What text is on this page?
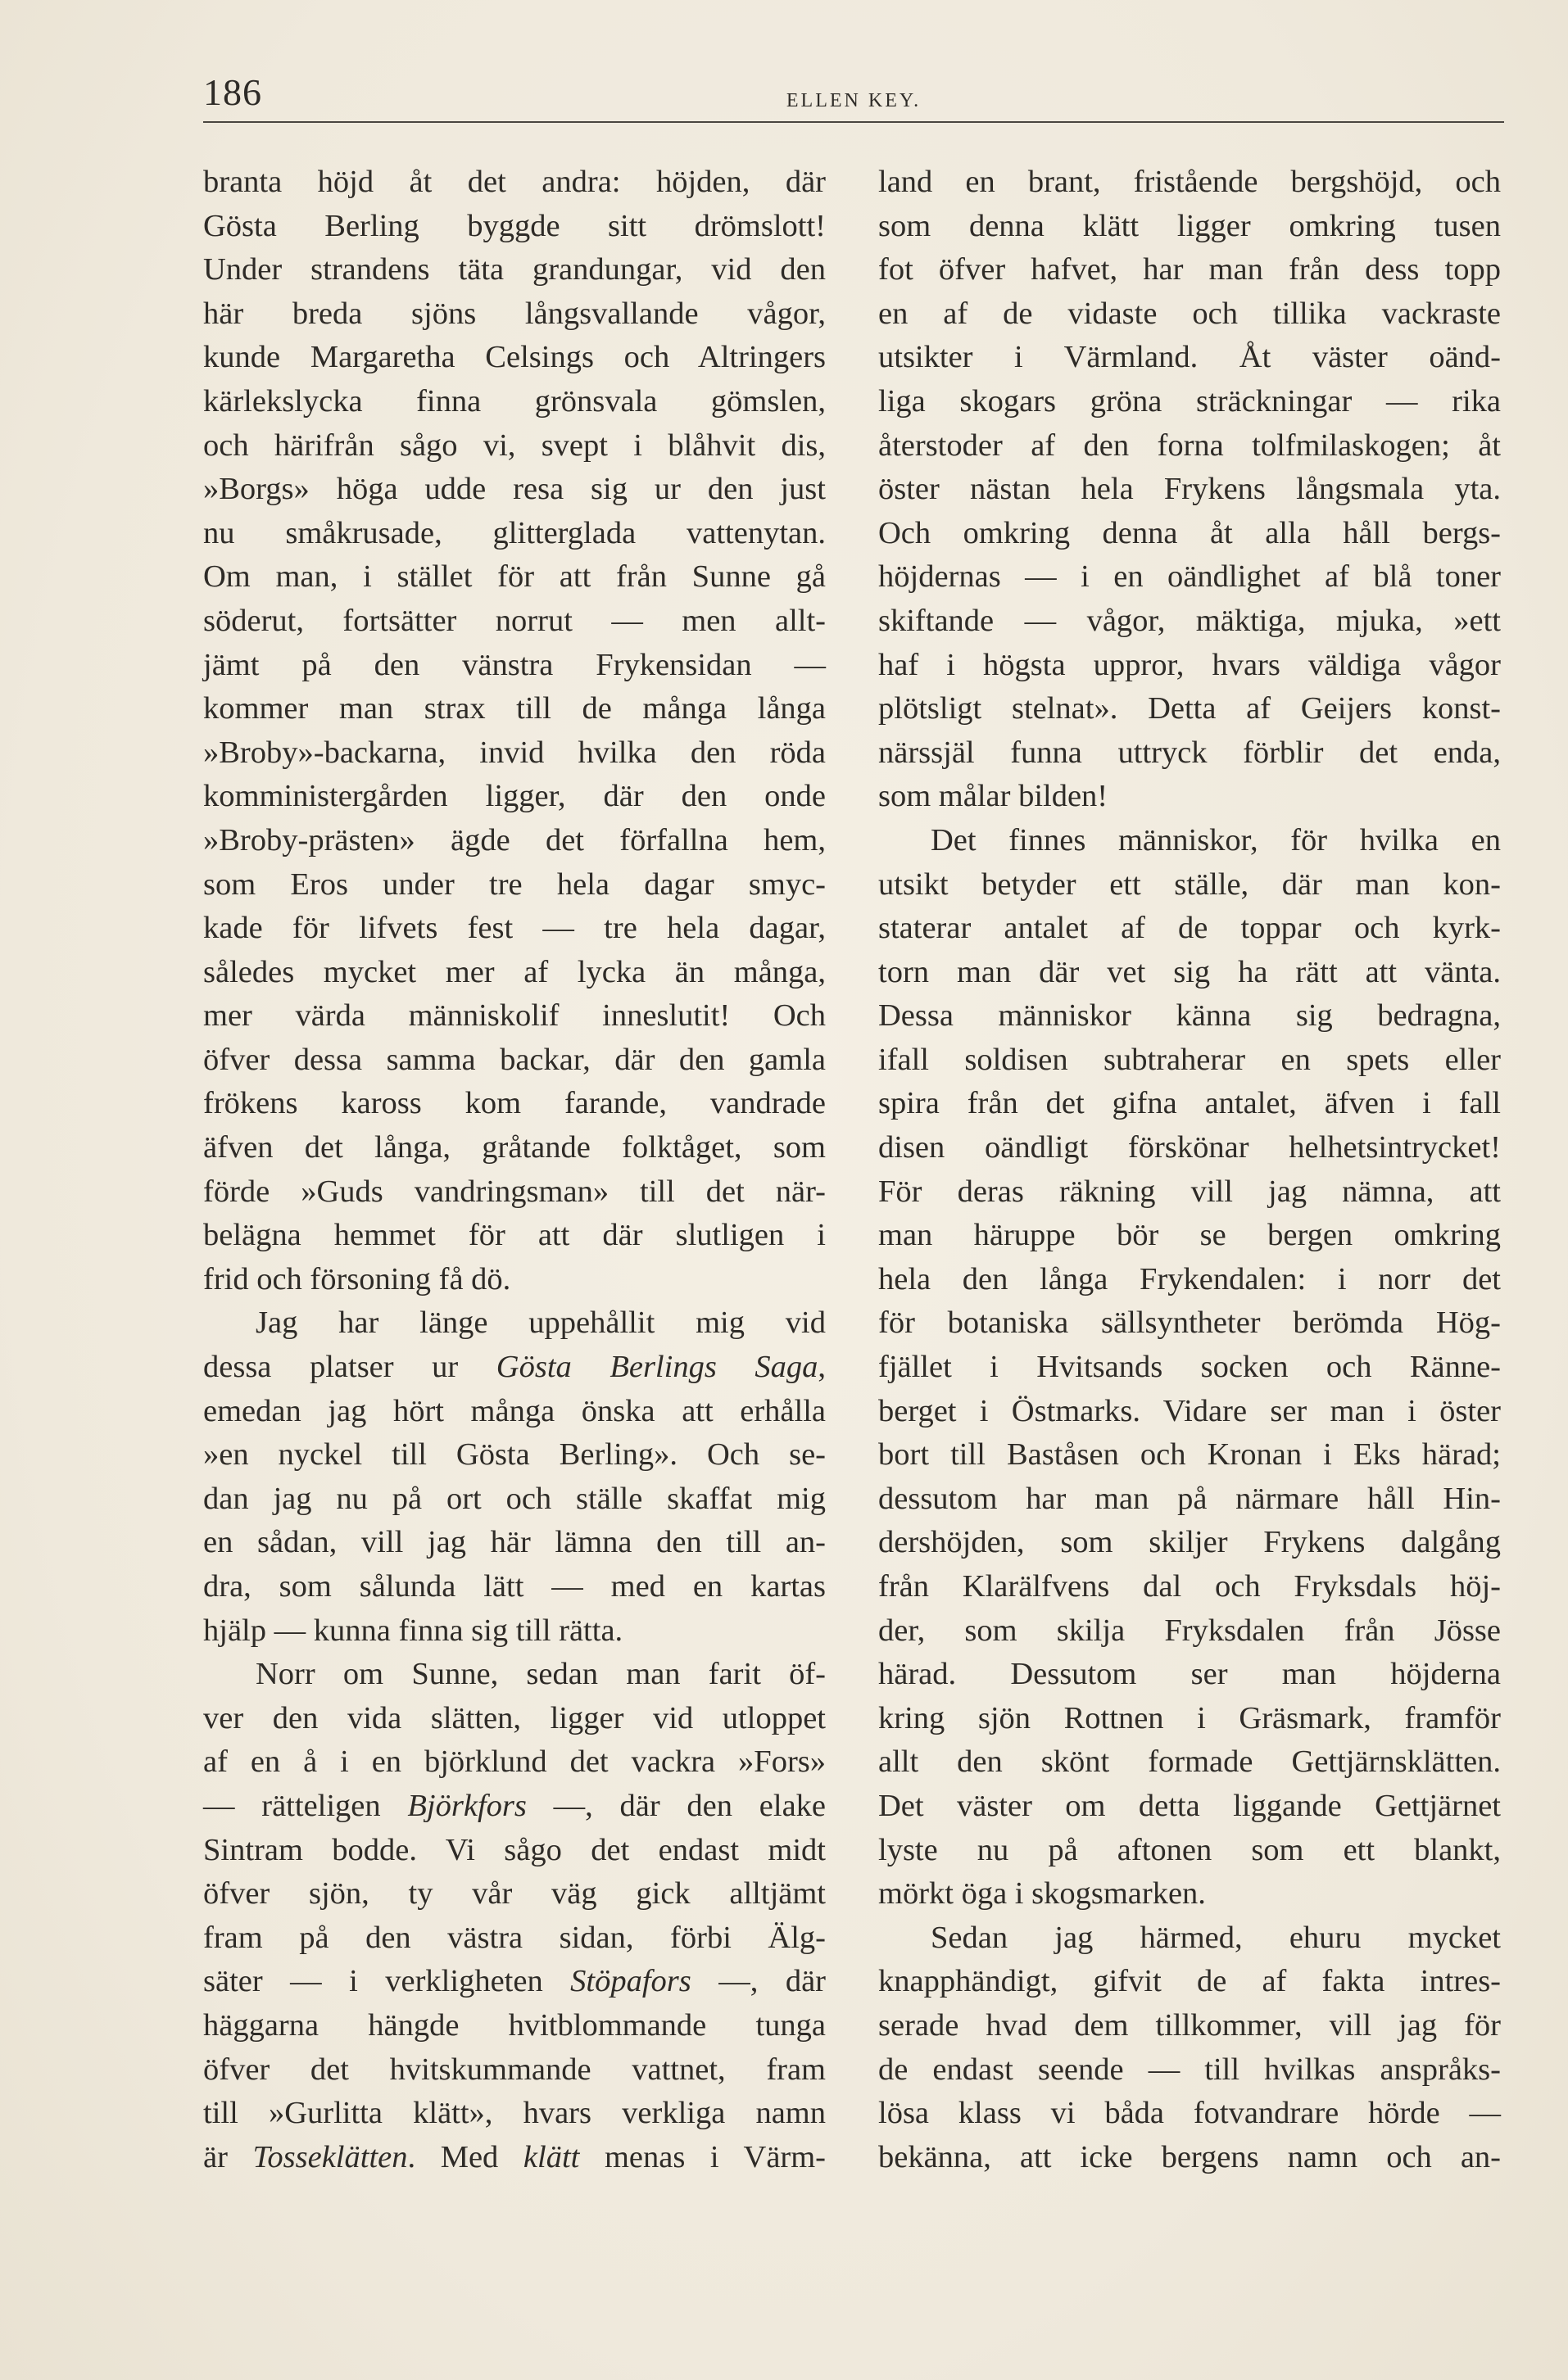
186	ELLEN KEY.
branta höjd åt det andra: höjden, där
Gösta Berling byggde sitt drömslott!
Under strandens täta grandungar, vid den
här breda sjöns långsvallande vågor,
kunde Margaretha Celsings och Altringers
kärlekslycka finna grönsvala gömslen,
och härifrån sågo vi, svept i blåhvit dis,
»Borgs» höga udde resa sig ur den just
nu småkrusade, glitterglada vattenytan.
Om man, i stället för att från Sunne gå
söderut, fortsätter norrut — men allt-
jämt på den vänstra Frykensidan —
kommer man strax till de många långa
»Broby»-backarna, invid hvilka den röda
komministergården ligger, där den onde
»Broby-prästen» ägde det förfallna hem,
som Eros under tre hela dagar smyc-
kade för lifvets fest — tre hela dagar,
således mycket mer af lycka än många,
mer värda människolif inneslutit! Och
öfver dessa samma backar, där den gamla
frökens kaross kom farande, vandrade
äfven det långa, gråtande folktåget, som
förde »Guds vandringsman» till det när-
belägna hemmet för att där slutligen i
frid och försoning få dö.
Jag har länge uppehållit mig vid
dessa platser ur Gösta Berlings Saga,
emedan jag hört många önska att erhålla
»en nyckel till Gösta Berling». Och se-
dan jag nu på ort och ställe skaffat mig
en sådan, vill jag här lämna den till an-
dra, som sålunda lätt — med en kartas
hjälp — kunna finna sig till rätta.
Norr om Sunne, sedan man farit öf-
ver den vida slätten, ligger vid utloppet
af en å i en björklund det vackra »Fors»
— rätteligen Björkfors —, där den elake
Sintram bodde. Vi sågo det endast midt
öfver sjön, ty vår väg gick alltjämt
fram på den västra sidan, förbi Älg-
säter — i verkligheten Stöpafors —, där
häggarna hängde hvitblommande tunga
öfver det hvitskummande vattnet, fram
till »Gurlitta klätt», hvars verkliga namn
är Tosseklätten. Med klätt menas i Värm-
land en brant, fristående bergshöjd, och
som denna klätt ligger omkring tusen
fot öfver hafvet, har man från dess topp
en af de vidaste och tillika vackraste
utsikter i Värmland. Åt väster oänd-
liga skogars gröna sträckningar — rika
återstoder af den forna tolfmilaskogen; åt
öster nästan hela Frykens långsmala yta.
Och omkring denna åt alla håll bergs-
höjdernas — i en oändlighet af blå toner
skiftande — vågor, mäktiga, mjuka, »ett
haf i högsta uppror, hvars väldiga vågor
plötsligt stelnat». Detta af Geijers konst-
närssjäl funna uttryck förblir det enda,
som målar bilden!
Det finnes människor, för hvilka en
utsikt betyder ett ställe, där man kon-
staterar antalet af de toppar och kyrk-
torn man där vet sig ha rätt att vänta.
Dessa människor känna sig bedragna,
ifall soldisen subtraherar en spets eller
spira från det gifna antalet, äfven i fall
disen oändligt förskönar helhetsintrycket!
För deras räkning vill jag nämna, att
man häruppe bör se bergen omkring
hela den långa Frykendalen: i norr det
för botaniska sällsyntheter berömda Hög-
fjället i Hvitsands socken och Ränne-
berget i Östmarks. Vidare ser man i öster
bort till Baståsen och Kronan i Eks härad;
dessutom har man på närmare håll Hin-
dershöjden, som skiljer Frykens dalgång
från Klarälfvens dal och Fryksdals höj-
der, som skilja Fryksdalen från Jösse
härad. Dessutom ser man höjderna
kring sjön Rottnen i Gräsmark, framför
allt den skönt formade Gettjärnsklätten.
Det väster om detta liggande Gettjärnet
lyste nu på aftonen som ett blankt,
mörkt öga i skogsmarken.
Sedan jag härmed, ehuru mycket
knapphändigt, gifvit de af fakta intres-
serade hvad dem tillkommer, vill jag för
de endast seende — till hvilkas anspråks-
lösa klass vi båda fotvandrare hörde —
bekänna, att icke bergens namn och an-
